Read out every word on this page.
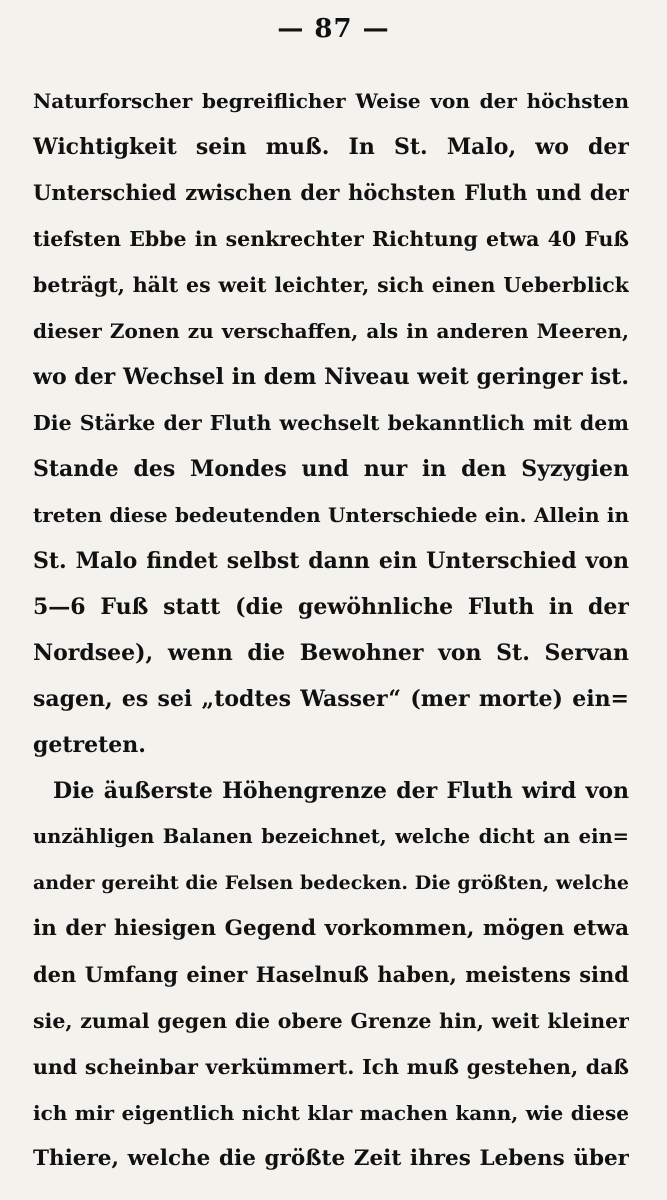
— 87 —
Naturforscher begreiflicher Weise von der höchsten
Wichtigkeit sein muß. In St. Malo, wo der
Unterschied zwischen der höchsten Fluth und der
tiefsten Ebbe in senkrechter Richtung etwa 40 Fuß
beträgt, hält es weit leichter, sich einen Ueberblick
dieser Zonen zu verschaffen, als in anderen Meeren,
wo der Wechsel in dem Niveau weit geringer ist.
Die Stärke der Fluth wechselt bekanntlich mit dem
Stande des Mondes und nur in den Syzygien
treten diese bedeutenden Unterschiede ein. Allein in
St. Malo findet selbst dann ein Unterschied von
5—6 Fuß statt (die gewöhnliche Fluth in der
Nordsee), wenn die Bewohner von St. Servan
sagen, es sei „todtes Wasser“ (mer morte) ein=
getreten.
Die äußerste Höhengrenze der Fluth wird von
unzähligen Balanen bezeichnet, welche dicht an ein=
ander gereiht die Felsen bedecken. Die größten, welche
in der hiesigen Gegend vorkommen, mögen etwa
den Umfang einer Haselnuß haben, meistens sind
sie, zumal gegen die obere Grenze hin, weit kleiner
und scheinbar verkümmert. Ich muß gestehen, daß
ich mir eigentlich nicht klar machen kann, wie diese
Thiere, welche die größte Zeit ihres Lebens über
